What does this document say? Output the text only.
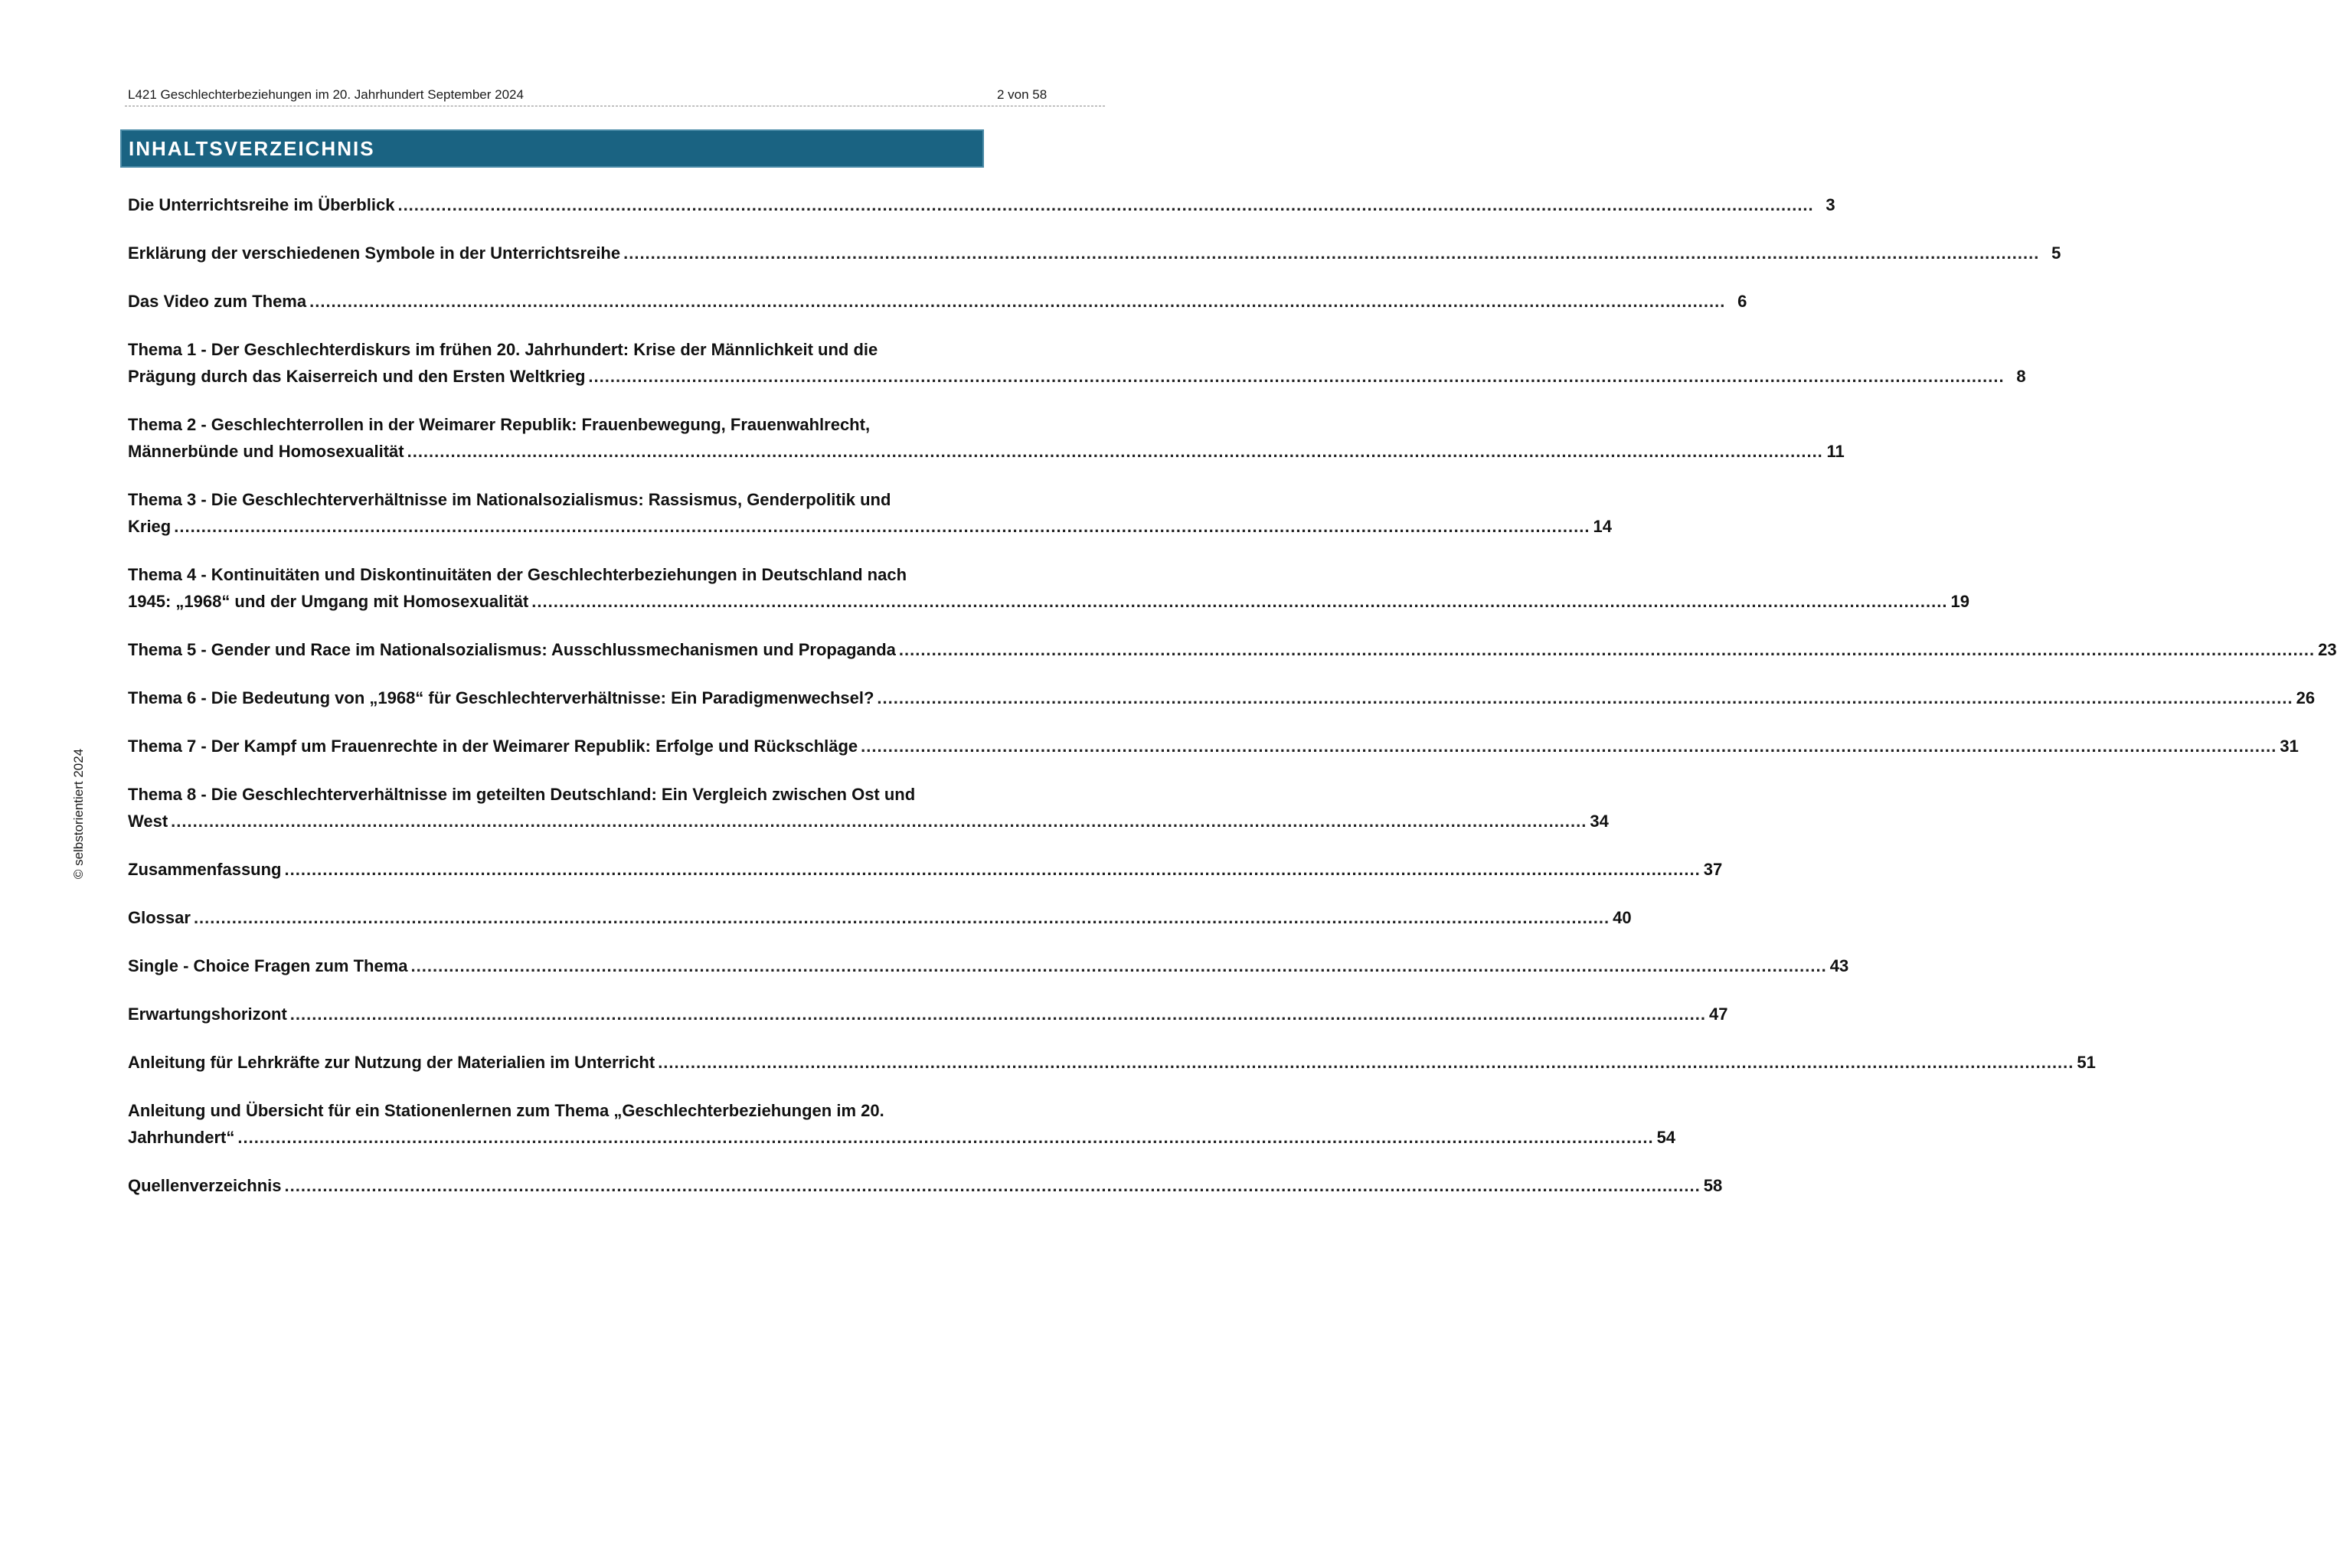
L421 Geschlechterbeziehungen im 20. Jahrhundert September 2024	2 von 58
INHALTSVERZEICHNIS
Die Unterrichtsreihe im Überblick .................................................................................................................................................................................................................................................................... 3
Erklärung der verschiedenen Symbole in der Unterrichtsreihe .................................................................................................................................................................................................................................................................... 5
Das Video zum Thema .................................................................................................................................................................................................................................................................... 6
Thema 1 - Der Geschlechterdiskurs im frühen 20. Jahrhundert: Krise der Männlichkeit und die
Prägung durch das Kaiserreich und den Ersten Weltkrieg .................................................................................................................................................................................................................................................................... 8
Thema 2 - Geschlechterrollen in der Weimarer Republik: Frauenbewegung, Frauenwahlrecht,
Männerbünde und Homosexualität .................................................................................................................................................................................................................................................................... 11
Thema 3 - Die Geschlechterverhältnisse im Nationalsozialismus: Rassismus, Genderpolitik und
Krieg .................................................................................................................................................................................................................................................................... 14
Thema 4 - Kontinuitäten und Diskontinuitäten der Geschlechterbeziehungen in Deutschland nach
1945: „1968“ und der Umgang mit Homosexualität .................................................................................................................................................................................................................................................................... 19
Thema 5 - Gender und Race im Nationalsozialismus: Ausschlussmechanismen und Propaganda .................................................................................................................................................................................................................................................................... 23
Thema 6 - Die Bedeutung von „1968“ für Geschlechterverhältnisse: Ein Paradigmenwechsel? .................................................................................................................................................................................................................................................................... 26
Thema 7 - Der Kampf um Frauenrechte in der Weimarer Republik: Erfolge und Rückschläge .................................................................................................................................................................................................................................................................... 31
Thema 8 - Die Geschlechterverhältnisse im geteilten Deutschland: Ein Vergleich zwischen Ost und
West .................................................................................................................................................................................................................................................................... 34
Zusammenfassung .................................................................................................................................................................................................................................................................... 37
Glossar .................................................................................................................................................................................................................................................................... 40
Single - Choice Fragen zum Thema .................................................................................................................................................................................................................................................................... 43
Erwartungshorizont .................................................................................................................................................................................................................................................................... 47
Anleitung für Lehrkräfte zur Nutzung der Materialien im Unterricht .................................................................................................................................................................................................................................................................... 51
Anleitung und Übersicht für ein Stationenlernen zum Thema „Geschlechterbeziehungen im 20.
Jahrhundert“ .................................................................................................................................................................................................................................................................... 54
Quellenverzeichnis .................................................................................................................................................................................................................................................................... 58
© selbstorientiert 2024
